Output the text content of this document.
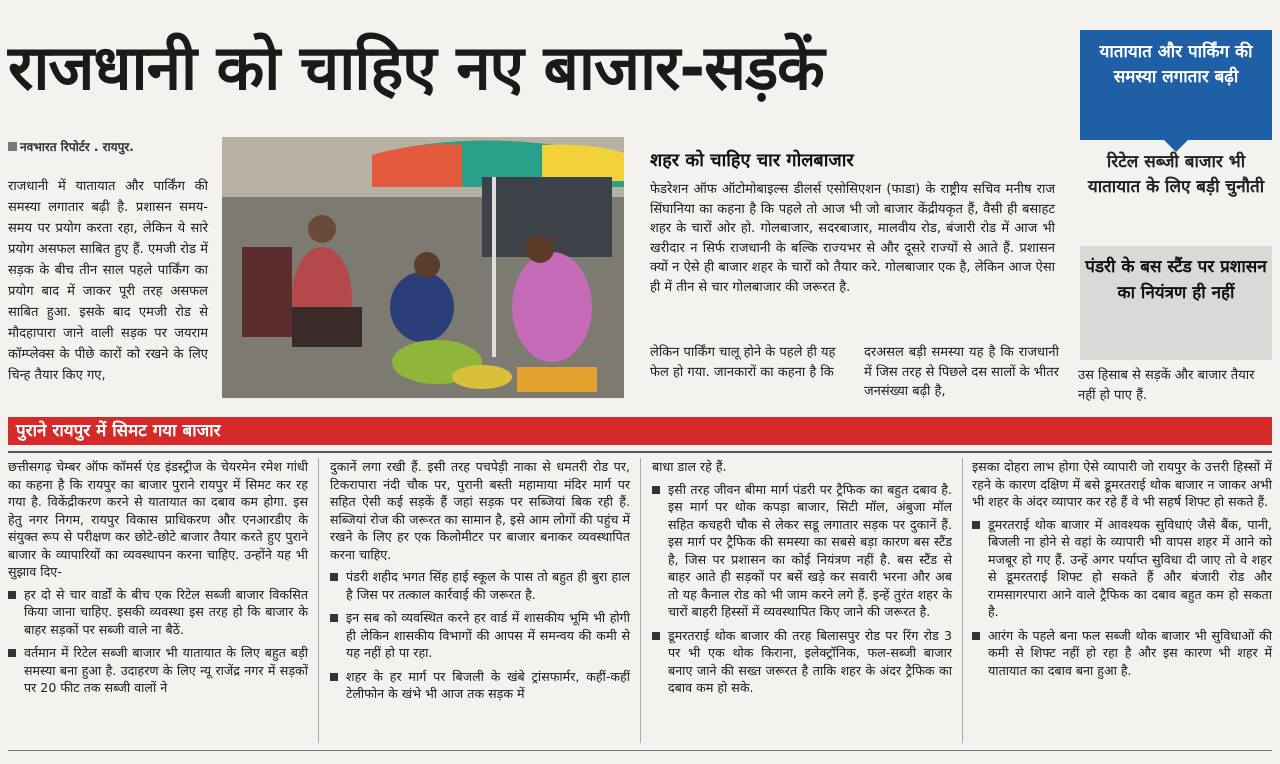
राजधानी को चाहिए नए बाजार-सड़कें
नवभारत रिपोर्टर . रायपुर.
राजधानी में यातायात और पार्किंग की समस्या लगातार बढ़ी है. प्रशासन समय-समय पर प्रयोग करता रहा, लेकिन ये सारे प्रयोग असफल साबित हुए हैं. एमजी रोड में सड़क के बीच तीन साल पहले पार्किंग का प्रयोग बाद में जाकर पूरी तरह असफल साबित हुआ. इसके बाद एमजी रोड से मौदहापारा जाने वाली सड़क पर जयराम कॉम्प्लेक्स के पीछे कारों को रखने के लिए चिन्ह तैयार किए गए,
शहर को चाहिए चार गोलबाजार
फेडरेशन ऑफ ऑटोमोबाइल्स डीलर्स एसोसिएशन (फाडा) के राष्ट्रीय सचिव मनीष राज सिंघानिया का कहना है कि पहले तो आज भी जो बाजार केंद्रीयकृत हैं, वैसी ही बसाहट शहर के चारों ओर हो. गोलबाजार, सदरबाजार, मालवीय रोड, बंजारी रोड में आज भी खरीदार न सिर्फ राजधानी के बल्कि राज्यभर से और दूसरे राज्यों से आते हैं. प्रशासन क्यों न ऐसे ही बाजार शहर के चारों को तैयार करे. गोलबाजार एक है, लेकिन आज ऐसा ही में तीन से चार गोलबाजार की जरूरत है.
लेकिन पार्किंग चालू होने के पहले ही यह फेल हो गया. जानकारों का कहना है कि
दरअसल बड़ी समस्या यह है कि राजधानी में जिस तरह से पिछले दस सालों के भीतर जनसंख्या बढ़ी है,
उस हिसाब से सड़कें और बाजार तैयार नहीं हो पाए हैं.
यातायात और पार्किंग की समस्या लगातार बढ़ी
रिटेल सब्जी बाजार भी यातायात के लिए बड़ी चुनौती
पंडरी के बस स्टैंड पर प्रशासन का नियंत्रण ही नहीं
पुराने रायपुर में सिमट गया बाजार

छत्तीसगढ़ चेम्बर ऑफ कॉमर्स एंड इंडस्ट्रीज के चेयरमेन रमेश गांधी का कहना है कि रायपुर का बाजार पुराने रायपुर में सिमट कर रह गया है. विकेंद्रीकरण करने से यातायात का दबाव कम होगा. इस हेतु नगर निगम, रायपुर विकास प्राधिकरण और एनआरडीए के संयुक्त रूप से परीक्षण कर छोटे-छोटे बाजार तैयार करते हुए पुराने बाजार के व्यापारियों का व्यवस्थापन करना चाहिए. उन्होंने यह भी सुझाव दिए-

हर दो से चार वार्डों के बीच एक रिटेल सब्जी बाजार विकसित किया जाना चाहिए. इसकी व्यवस्था इस तरह हो कि बाजार के बाहर सड़कों पर सब्जी वाले ना बैठें.
वर्तमान में रिटेल सब्जी बाजार भी यातायात के लिए बहुत बड़ी समस्या बना हुआ है. उदाहरण के लिए न्यू राजेंद्र नगर में सड़कों पर 20 फीट तक सब्जी वालों ने

दुकानें लगा रखी हैं. इसी तरह पचपेड़ी नाका से धमतरी रोड पर, टिकरापारा नंदी चौक पर, पुरानी बस्ती महामाया मंदिर मार्ग पर सहित ऐसी कई सड़कें हैं जहां सड़क पर सब्जियां बिक रही हैं. सब्जियां रोज की जरूरत का सामान है, इसे आम लोगों की पहुंच में रखने के लिए हर एक किलोमीटर पर बाजार बनाकर व्यवस्थापित करना चाहिए.

पंडरी शहीद भगत सिंह हाई स्कूल के पास तो बहुत ही बुरा हाल है जिस पर तत्काल कार्रवाई की जरूरत है.
इन सब को व्यवस्थित करने हर वार्ड में शासकीय भूमि भी होगी ही लेकिन शासकीय विभागों की आपस में समन्वय की कमी से यह नहीं हो पा रहा.
शहर के हर मार्ग पर बिजली के खंबे ट्रांसफार्मर, कहीं-कहीं टेलीफोन के खंभे भी आज तक सड़क में

बाधा डाल रहे हैं.

इसी तरह जीवन बीमा मार्ग पंडरी पर ट्रैफिक का बहुत दबाव है. इस मार्ग पर थोक कपड़ा बाजार, सिटी मॉल, अंबुजा मॉल सहित कचहरी चौक से लेकर सडू लगातार सड़क पर दुकानें हैं. इस मार्ग पर ट्रैफिक की समस्या का सबसे बड़ा कारण बस स्टैंड है, जिस पर प्रशासन का कोई नियंत्रण नहीं है. बस स्टैंड से बाहर आते ही सड़कों पर बसें खड़े कर सवारी भरना और अब तो यह कैनाल रोड को भी जाम करने लगे हैं. इन्हें तुरंत शहर के चारों बाहरी हिस्सों में व्यवस्थापित किए जाने की जरूरत है.
डूमरतराई थोक बाजार की तरह बिलासपुर रोड पर रिंग रोड 3 पर भी एक थोक किराना, इलेक्ट्रॉनिक, फल-सब्जी बाजार बनाए जाने की सख्त जरूरत है ताकि शहर के अंदर ट्रैफिक का दबाव कम हो सके.

इसका दोहरा लाभ होगा ऐसे व्यापारी जो रायपुर के उत्तरी हिस्सों में रहने के कारण दक्षिण में बसे डूमरतराई थोक बाजार न जाकर अभी भी शहर के अंदर व्यापार कर रहे हैं वे भी सहर्ष शिफ्ट हो सकते हैं.

डूमरतराई थोक बाजार में आवश्यक सुविधाएं जैसे बैंक, पानी, बिजली ना होने से वहां के व्यापारी भी वापस शहर में आने को मजबूर हो गए हैं. उन्हें अगर पर्याप्त सुविधा दी जाए तो वे शहर से डूमरतराई शिफ्ट हो सकते हैं और बंजारी रोड और रामसागरपारा आने वाले ट्रैफिक का दबाव बहुत कम हो सकता है.
आरंग के पहले बना फल सब्जी थोक बाजार भी सुविधाओं की कमी से शिफ्ट नहीं हो रहा है और इस कारण भी शहर में यातायात का दबाव बना हुआ है.
